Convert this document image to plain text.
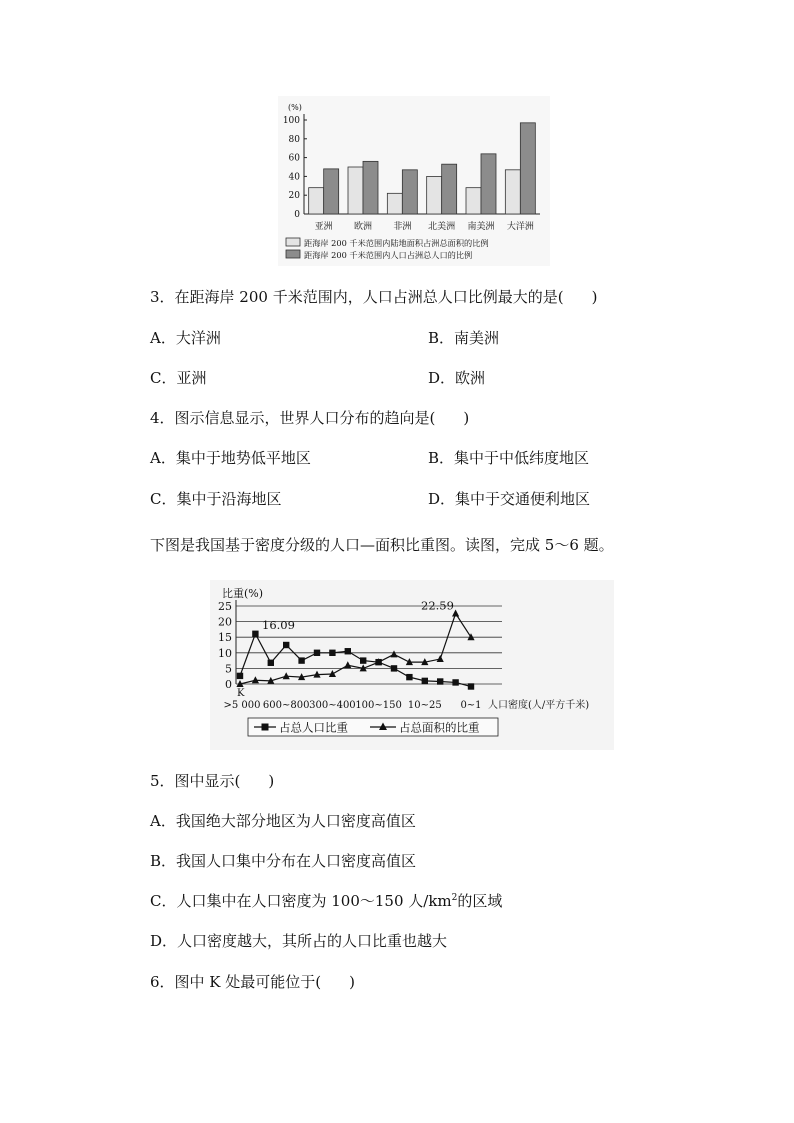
(%)
0
20
40
60
80
100
亚洲 欧洲 非洲 北美洲 南美洲 大洋洲
距海岸 200 千米范围内陆地面积占洲总面积的比例
距海岸 200 千米范围内人口占洲总人口的比例
3．在距海岸 200 千米范围内，人口占洲总人口比例最大的是( )
A．大洋洲	B．南美洲
C．亚洲	D．欧洲
4．图示信息显示，世界人口分布的趋向是( )
A．集中于地势低平地区	B．集中于中低纬度地区
C．集中于沿海地区	D．集中于交通便利地区
下图是我国基于密度分级的人口—面积比重图。读图，完成 5～6 题。
比重(%)
0
5
10
15
20
25
>5 000 600~800 300~400 100~150 10~25 0~1 人口密度(人/平方千米)
16.09
22.59
K
占总人口比重	占总面积的比重
5．图中显示( )
A．我国绝大部分地区为人口密度高值区
B．我国人口集中分布在人口密度高值区
C．人口集中在人口密度为 100～150 人$/km^2$的区域
D．人口密度越大，其所占的人口比重也越大
6．图中 K 处最可能位于( )
